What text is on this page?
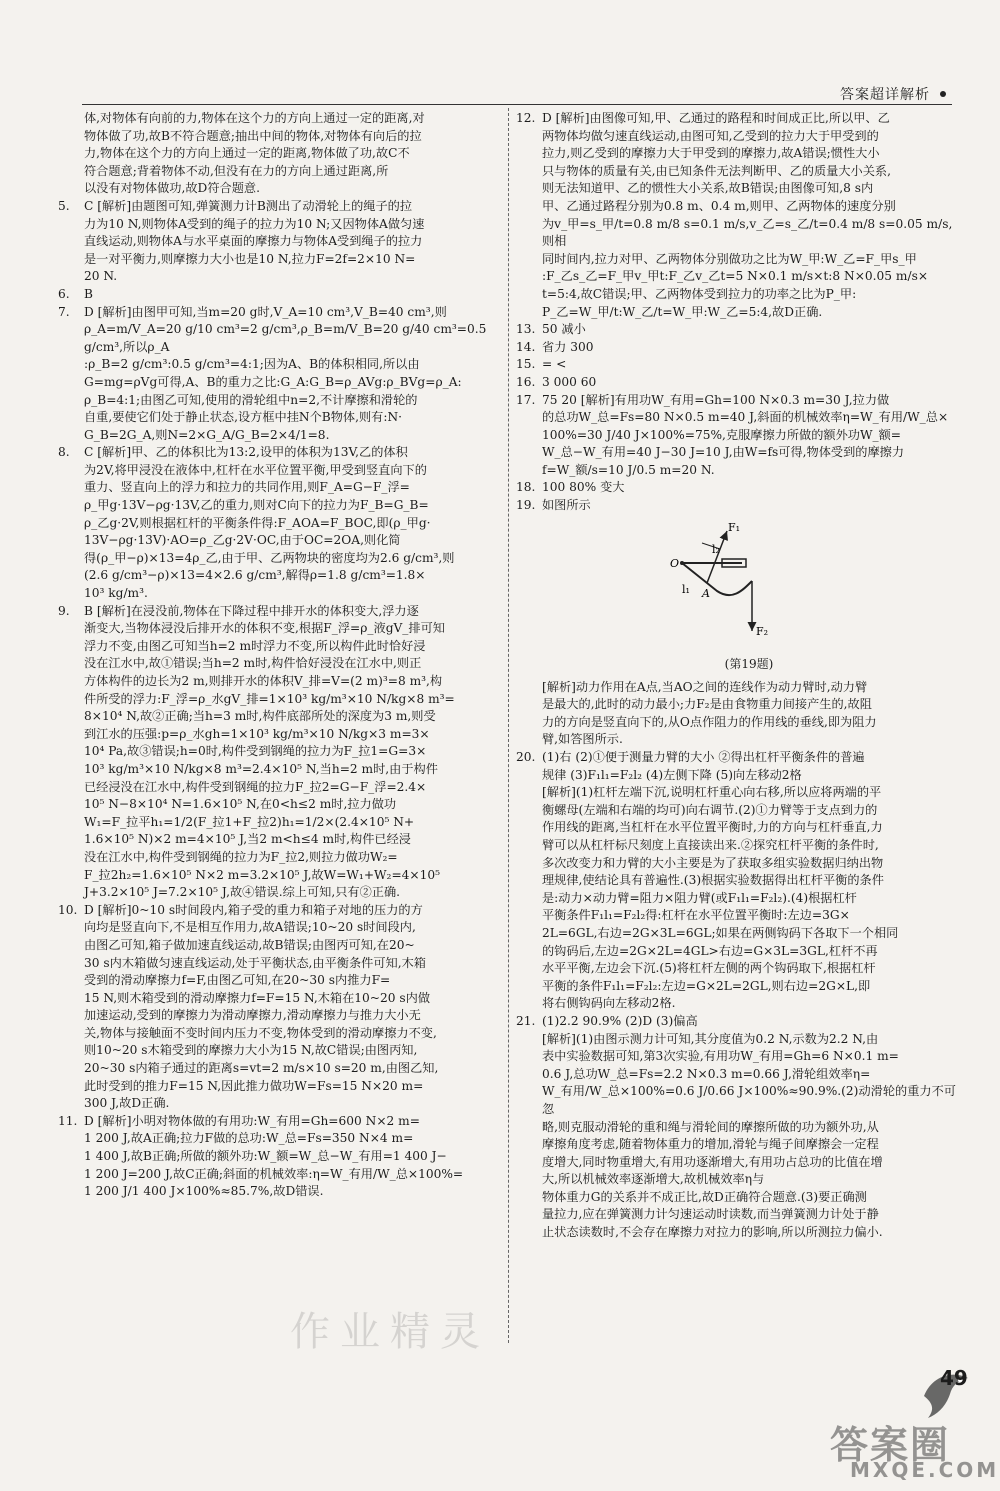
答案超详解析
体,对物体有向前的力,物体在这个力的方向上通过一定的距离,对
物体做了功,故B不符合题意;抽出中间的物体,对物体有向后的拉
力,物体在这个力的方向上通过一定的距离,物体做了功,故C不
符合题意;背着物体不动,但没有在力的方向上通过距离,所
以没有对物体做功,故D符合题意.
5. C [解析]由题图可知,弹簧测力计B测出了动滑轮上的绳子的拉
力为10 N,则物体A受到的绳子的拉力为10 N;又因物体A做匀速
直线运动,则物体A与水平桌面的摩擦力与物体A受到绳子的拉力
是一对平衡力,则摩擦力大小也是10 N,拉力F=2f=2×10 N=
20 N.
6. B
7. D [解析]由图甲可知,当m=20 g时,V_A=10 cm³,V_B=40 cm³,则
ρ_A=m/V_A=20 g/10 cm³=2 g/cm³,ρ_B=m/V_B=20 g/40 cm³=0.5 g/cm³,所以ρ_A
:ρ_B=2 g/cm³:0.5 g/cm³=4:1;因为A、B的体积相同,所以由
G=mg=ρVg可得,A、B的重力之比:G_A:G_B=ρ_AVg:ρ_BVg=ρ_A:
ρ_B=4:1;由图乙可知,使用的滑轮组中n=2,不计摩擦和滑轮的
自重,要使它们处于静止状态,设方框中挂N个B物体,则有:N·
G_B=2G_A,则N=2×G_A/G_B=2×4/1=8.
8. C [解析]甲、乙的体积比为13:2,设甲的体积为13V,乙的体积
为2V,将甲浸没在液体中,杠杆在水平位置平衡,甲受到竖直向下的
重力、竖直向上的浮力和拉力的共同作用,则F_A=G−F_浮=
ρ_甲g·13V−ρg·13V,乙的重力,则对C向下的拉力为F_B=G_B=
ρ_乙g·2V,则根据杠杆的平衡条件得:F_AOA=F_BOC,即(ρ_甲g·
13V−ρg·13V)·AO=ρ_乙g·2V·OC,由于OC=2OA,则化简
得(ρ_甲−ρ)×13=4ρ_乙,由于甲、乙两物块的密度均为2.6 g/cm³,则
(2.6 g/cm³−ρ)×13=4×2.6 g/cm³,解得ρ=1.8 g/cm³=1.8×
10³ kg/m³.
9. B [解析]在浸没前,物体在下降过程中排开水的体积变大,浮力逐
渐变大,当物体浸没后排开水的体积不变,根据F_浮=ρ_液gV_排可知
浮力不变,由图乙可知当h=2 m时浮力不变,所以构件此时恰好浸
没在江水中,故①错误;当h=2 m时,构件恰好浸没在江水中,则正
方体构件的边长为2 m,则排开水的体积V_排=V=(2 m)³=8 m³,构
件所受的浮力:F_浮=ρ_水gV_排=1×10³ kg/m³×10 N/kg×8 m³=
8×10⁴ N,故②正确;当h=3 m时,构件底部所处的深度为3 m,则受
到江水的压强:p=ρ_水gh=1×10³ kg/m³×10 N/kg×3 m=3×
10⁴ Pa,故③错误;h=0时,构件受到钢绳的拉力为F_拉1=G=3×
10³ kg/m³×10 N/kg×8 m³=2.4×10⁵ N,当h=2 m时,由于构件
已经浸没在江水中,构件受到钢绳的拉力F_拉2=G−F_浮=2.4×
10⁵ N−8×10⁴ N=1.6×10⁵ N,在0<h≤2 m时,拉力做功
W₁=F_拉平h₁=1/2(F_拉1+F_拉2)h₁=1/2×(2.4×10⁵ N+
1.6×10⁵ N)×2 m=4×10⁵ J,当2 m<h≤4 m时,构件已经浸
没在江水中,构件受到钢绳的拉力为F_拉2,则拉力做功W₂=
F_拉2h₂=1.6×10⁵ N×2 m=3.2×10⁵ J,故W=W₁+W₂=4×10⁵
J+3.2×10⁵ J=7.2×10⁵ J,故④错误.综上可知,只有②正确.
10. D [解析]0~10 s时间段内,箱子受的重力和箱子对地的压力的方
向均是竖直向下,不是相互作用力,故A错误;10~20 s时间段内,
由图乙可知,箱子做加速直线运动,故B错误;由图丙可知,在20~
30 s内木箱做匀速直线运动,处于平衡状态,由平衡条件可知,木箱
受到的滑动摩擦力f=F,由图乙可知,在20~30 s内推力F=
15 N,则木箱受到的滑动摩擦力f=F=15 N,木箱在10~20 s内做
加速运动,受到的摩擦力为滑动摩擦力,滑动摩擦力与推力大小无
关,物体与接触面不变时间内压力不变,物体受到的滑动摩擦力不变,
则10~20 s木箱受到的摩擦力大小为15 N,故C错误;由图丙知,
20~30 s内箱子通过的距离s=vt=2 m/s×10 s=20 m,由图乙知,
此时受到的推力F=15 N,因此推力做功W=Fs=15 N×20 m=
300 J,故D正确.
11. D [解析]小明对物体做的有用功:W_有用=Gh=600 N×2 m=
1 200 J,故A正确;拉力F做的总功:W_总=Fs=350 N×4 m=
1 400 J,故B正确;所做的额外功:W_额=W_总−W_有用=1 400 J−
1 200 J=200 J,故C正确;斜面的机械效率:η=W_有用/W_总×100%=
1 200 J/1 400 J×100%≈85.7%,故D错误.
12. D [解析]由图像可知,甲、乙通过的路程和时间成正比,所以甲、乙
两物体均做匀速直线运动,由图可知,乙受到的拉力大于甲受到的
拉力,则乙受到的摩擦力大于甲受到的摩擦力,故A错误;惯性大小
只与物体的质量有关,由已知条件无法判断甲、乙的质量大小关系,
则无法知道甲、乙的惯性大小关系,故B错误;由图像可知,8 s内
甲、乙通过路程分别为0.8 m、0.4 m,则甲、乙两物体的速度分别
为v_甲=s_甲/t=0.8 m/8 s=0.1 m/s,v_乙=s_乙/t=0.4 m/8 s=0.05 m/s,则相
同时间内,拉力对甲、乙两物体分别做功之比为W_甲:W_乙=F_甲s_甲
:F_乙s_乙=F_甲v_甲t:F_乙v_乙t=5 N×0.1 m/s×t:8 N×0.05 m/s×
t=5:4,故C错误;甲、乙两物体受到拉力的功率之比为P_甲:
P_乙=W_甲/t:W_乙/t=W_甲:W_乙=5:4,故D正确.
13. 50 减小
14. 省力 300
15. = <
16. 3 000 60
17. 75 20 [解析]有用功W_有用=Gh=100 N×0.3 m=30 J,拉力做
的总功W_总=Fs=80 N×0.5 m=40 J,斜面的机械效率η=W_有用/W_总×
100%=30 J/40 J×100%=75%,克服摩擦力所做的额外功W_额=
W_总−W_有用=40 J−30 J=10 J,由W=fs可得,物体受到的摩擦力
f=W_额/s=10 J/0.5 m=20 N.
18. 100 80% 变大
19. 如图所示
F₁
l₂
O
l₁ A
F₂
(第19题)
[解析]动力作用在A点,当AO之间的连线作为动力臂时,动力臂
是最大的,此时的动力最小;力F₂是由食物重力间接产生的,故阻
力的方向是竖直向下的,从O点作阻力的作用线的垂线,即为阻力
臂,如答图所示.
20. (1)右 (2)①便于测量力臂的大小 ②得出杠杆平衡条件的普遍
规律 (3)F₁l₁=F₂l₂ (4)左侧下降 (5)向左移动2格
[解析](1)杠杆左端下沉,说明杠杆重心向右移,所以应将两端的平
衡螺母(左端和右端的均可)向右调节.(2)①力臂等于支点到力的
作用线的距离,当杠杆在水平位置平衡时,力的方向与杠杆垂直,力
臂可以从杠杆标尺刻度上直接读出来.②探究杠杆平衡的条件时,
多次改变力和力臂的大小主要是为了获取多组实验数据归纳出物
理规律,使结论具有普遍性.(3)根据实验数据得出杠杆平衡的条件
是:动力×动力臂=阻力×阻力臂(或F₁l₁=F₂l₂).(4)根据杠杆
平衡条件F₁l₁=F₂l₂得:杠杆在水平位置平衡时:左边=3G×
2L=6GL,右边=2G×3L=6GL;如果在两侧钩码下各取下一个相同
的钩码后,左边=2G×2L=4GL>右边=G×3L=3GL,杠杆不再
水平平衡,左边会下沉.(5)将杠杆左侧的两个钩码取下,根据杠杆
平衡的条件F₁l₁=F₂l₂:左边=G×2L=2GL,则右边=2G×L,即
将右侧钩码向左移动2格.
21. (1)2.2 90.9% (2)D (3)偏高
[解析](1)由图示测力计可知,其分度值为0.2 N,示数为2.2 N,由
表中实验数据可知,第3次实验,有用功W_有用=Gh=6 N×0.1 m=
0.6 J,总功W_总=Fs=2.2 N×0.3 m=0.66 J,滑轮组效率η=
W_有用/W_总×100%=0.6 J/0.66 J×100%≈90.9%.(2)动滑轮的重力不可忽
略,则克服动滑轮的重和绳与滑轮间的摩擦所做的功为额外功,从
摩擦角度考虑,随着物体重力的增加,滑轮与绳子间摩擦会一定程
度增大,同时物重增大,有用功逐渐增大,有用功占总功的比值在增
大,所以机械效率逐渐增大,故机械效率η与
物体重力G的关系并不成正比,故D正确符合题意.(3)要正确测
量拉力,应在弹簧测力计匀速运动时读数,而当弹簧测力计处于静
止状态读数时,不会存在摩擦力对拉力的影响,所以所测拉力偏小.
作业精灵
49
答案圈
MXQE.COM
